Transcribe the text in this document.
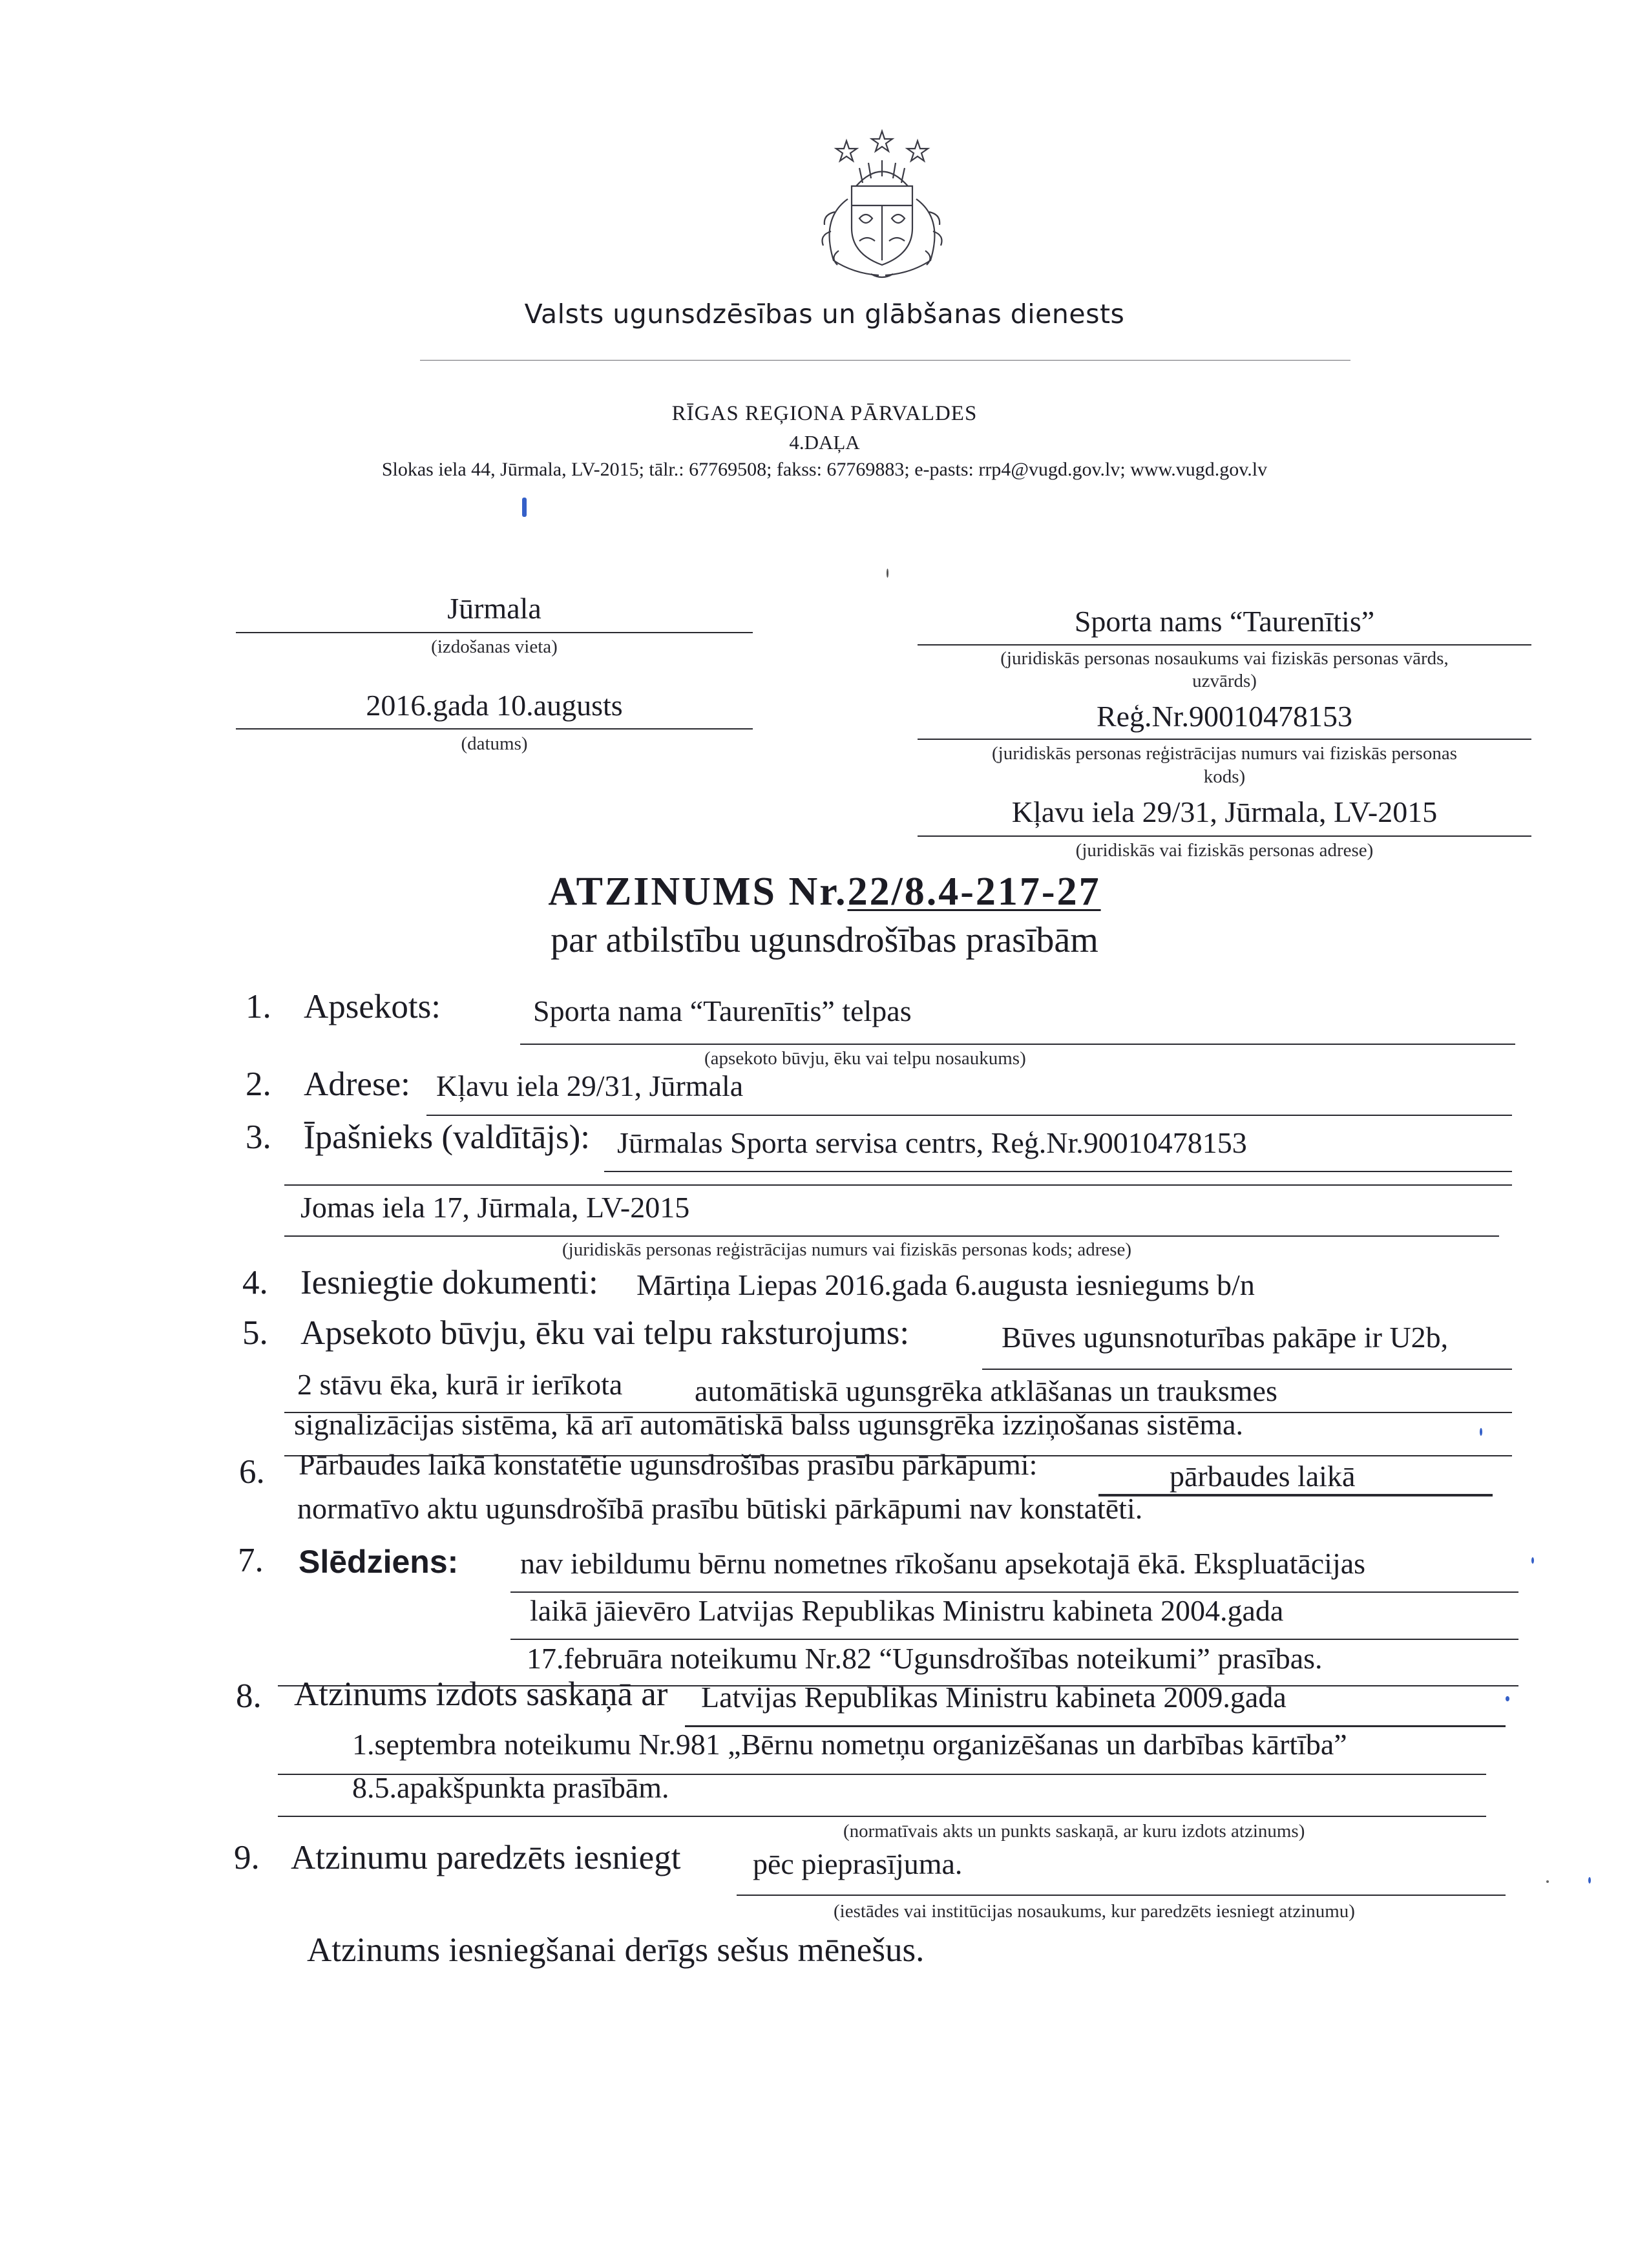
Valsts ugunsdzēsības un glābšanas dienests
RĪGAS REĢIONA PĀRVALDES
4.DAĻA
Slokas iela 44, Jūrmala, LV-2015; tālr.: 67769508; fakss: 67769883; e-pasts: rrp4@vugd.gov.lv; www.vugd.gov.lv
Jūrmala
(izdošanas vieta)
2016.gada 10.augusts
(datums)
Sporta nams “Taurenītis”
(juridiskās personas nosaukums vai fiziskās personas vārds,
uzvārds)
Reģ.Nr.90010478153
(juridiskās personas reģistrācijas numurs vai fiziskās personas
kods)
Kļavu iela 29/31, Jūrmala, LV-2015
(juridiskās vai fiziskās personas adrese)
ATZINUMS Nr.22/8.4-217-27
par atbilstību ugunsdrošības prasībām
1. Apsekots:	Sporta nama “Taurenītis” telpas
(apsekoto būvju, ēku vai telpu nosaukums)
2. Adrese: Kļavu iela 29/31, Jūrmala
3. Īpašnieks (valdītājs): Jūrmalas Sporta servisa centrs, Reģ.Nr.90010478153
Jomas iela 17, Jūrmala, LV-2015
(juridiskās personas reģistrācijas numurs vai fiziskās personas kods; adrese)
4. Iesniegtie dokumenti: Mārtiņa Liepas 2016.gada 6.augusta iesniegums b/n
5. Apsekoto būvju, ēku vai telpu raksturojums:	Būves ugunsnoturības pakāpe ir U2b,
2 stāvu ēka, kurā ir ierīkota automātiskā ugunsgrēka atklāšanas un trauksmes
signalizācijas sistēma, kā arī automātiskā balss ugunsgrēka izziņošanas sistēma.
6. Pārbaudes laikā konstatētie ugunsdrošības prasību pārkāpumi:	pārbaudes laikā
normatīvo aktu ugunsdrošībā prasību būtiski pārkāpumi nav konstatēti.
7. Slēdziens: nav iebildumu bērnu nometnes rīkošanu apsekotajā ēkā. Ekspluatācijas
laikā jāievēro Latvijas Republikas Ministru kabineta 2004.gada
17.februāra noteikumu Nr.82 “Ugunsdrošības noteikumi” prasības.
8. Atzinums izdots saskaņā ar Latvijas Republikas Ministru kabineta 2009.gada
1.septembra noteikumu Nr.981 „Bērnu nometņu organizēšanas un darbības kārtība”
8.5.apakšpunkta prasībām.
(normatīvais akts un punkts saskaņā, ar kuru izdots atzinums)
9. Atzinumu paredzēts iesniegt pēc pieprasījuma.
(iestādes vai institūcijas nosaukums, kur paredzēts iesniegt atzinumu)
Atzinums iesniegšanai derīgs sešus mēnešus.
